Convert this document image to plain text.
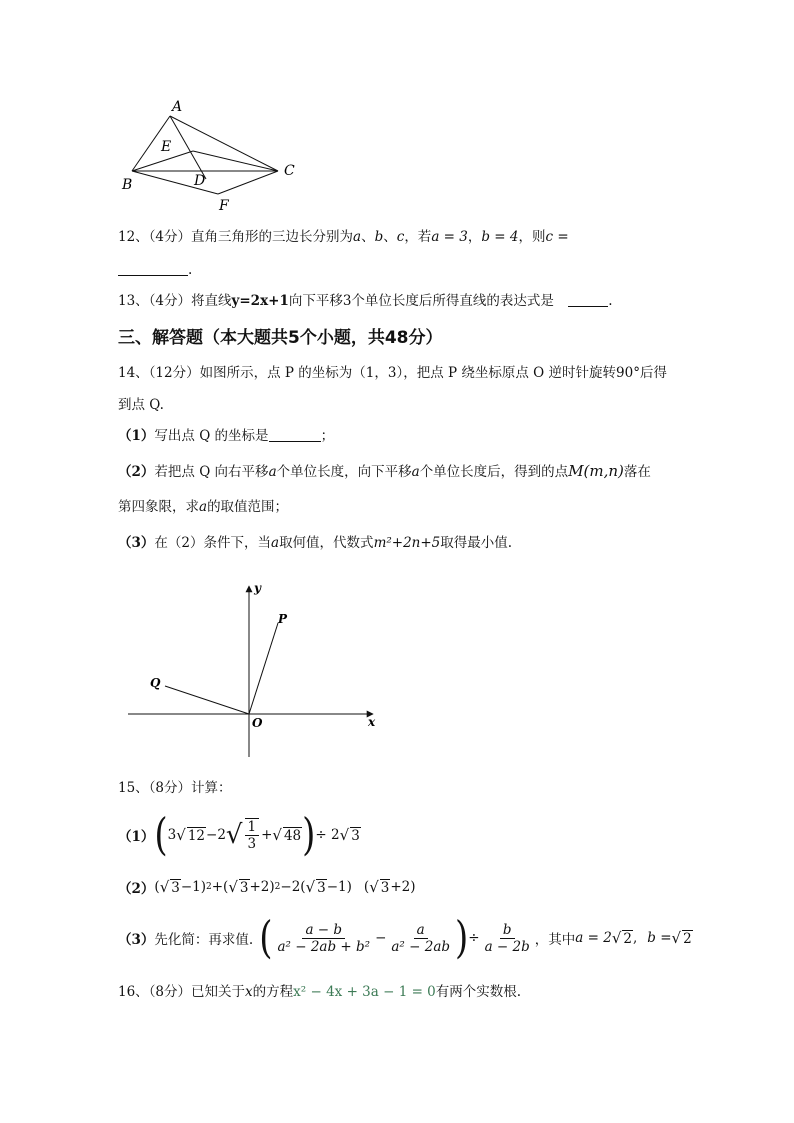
A
E
B	D
C
F
12、（4分）直角三角形的三边长分别为a、b、c，若a = 3，b = 4，则c =
.
13、（4分）将直线y=2x+1向下平移3个单位长度后所得直线的表达式是	.
三、解答题（本大题共5个小题，共48分）
14、（12分）如图所示，点 P 的坐标为（1，3），把点 P 绕坐标原点 O 逆时针旋转90°后得
到点 Q.
（1）写出点 Q 的坐标是	；
（2）若把点 Q 向右平移a个单位长度，向下平移a个单位长度后，得到的点M(m,n)落在
第四象限，求a的取值范围；
（3）在（2）条件下，当a取何值，代数式m²+2n+5取得最小值.
y
x
O
P
Q
15、（8分）计算：
（1） ( 3 √ 12 −2 √ $\frac{1}{3}$ + √ 48 ) ÷ 2 √ 3
（2） ( √ 3 −1) 2 +( √ 3 +2) 2 −2( √ 3 −1) ( √ 3 +2)
（3） 先化简：再求值. ( $\frac{a - b}{\text{a² − 2ab + b²}} - \frac{a}{\text{a² − 2ab}}$ ) ÷ $\frac{b}{a - 2b}$ ，其中 a = 2 √ 2 , b = √ 2
16、（8分）已知关于x的方程x² − 4x + 3a − 1 = 0有两个实数根.
